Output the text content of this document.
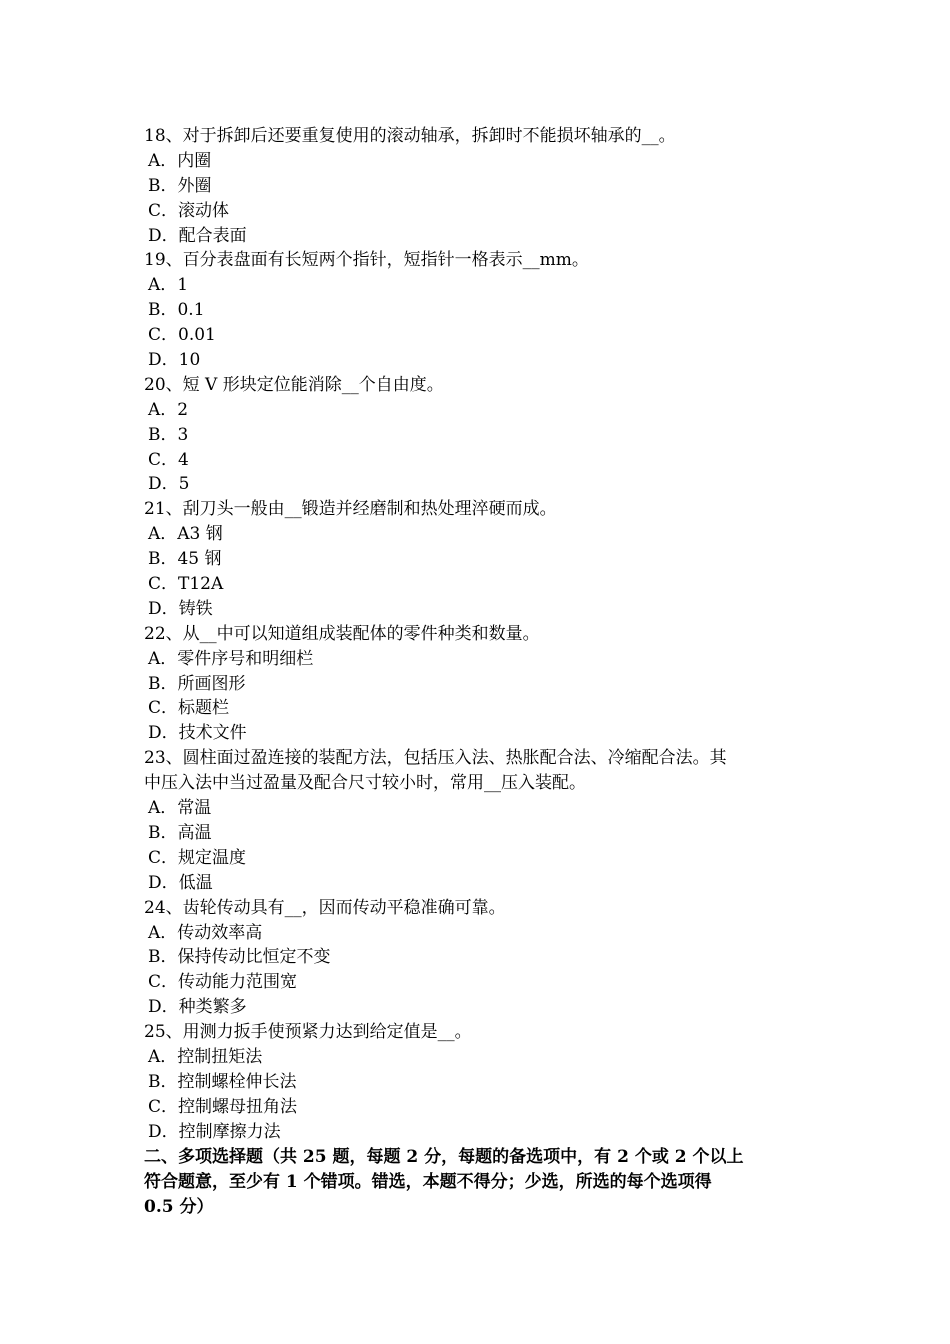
18、对于拆卸后还要重复使用的滚动轴承，拆卸时不能损坏轴承的__。
A．内圈
B．外圈
C．滚动体
D．配合表面
19、百分表盘面有长短两个指针，短指针一格表示__mm。
A．1
B．0.1
C．0.01
D．10
20、短 V 形块定位能消除__个自由度。
A．2
B．3
C．4
D．5
21、刮刀头一般由__锻造并经磨制和热处理淬硬而成。
A．A3 钢
B．45 钢
C．T12A
D．铸铁
22、从__中可以知道组成装配体的零件种类和数量。
A．零件序号和明细栏
B．所画图形
C．标题栏
D．技术文件
23、圆柱面过盈连接的装配方法，包括压入法、热胀配合法、冷缩配合法。其
中压入法中当过盈量及配合尺寸较小时，常用__压入装配。
A．常温
B．高温
C．规定温度
D．低温
24、齿轮传动具有__，因而传动平稳准确可靠。
A．传动效率高
B．保持传动比恒定不变
C．传动能力范围宽
D．种类繁多
25、用测力扳手使预紧力达到给定值是__。
A．控制扭矩法
B．控制螺栓伸长法
C．控制螺母扭角法
D．控制摩擦力法
二、多项选择题（共 25 题，每题 2 分，每题的备选项中，有 2 个或 2 个以上
符合题意，至少有 1 个错项。错选，本题不得分；少选，所选的每个选项得
0.5 分）
